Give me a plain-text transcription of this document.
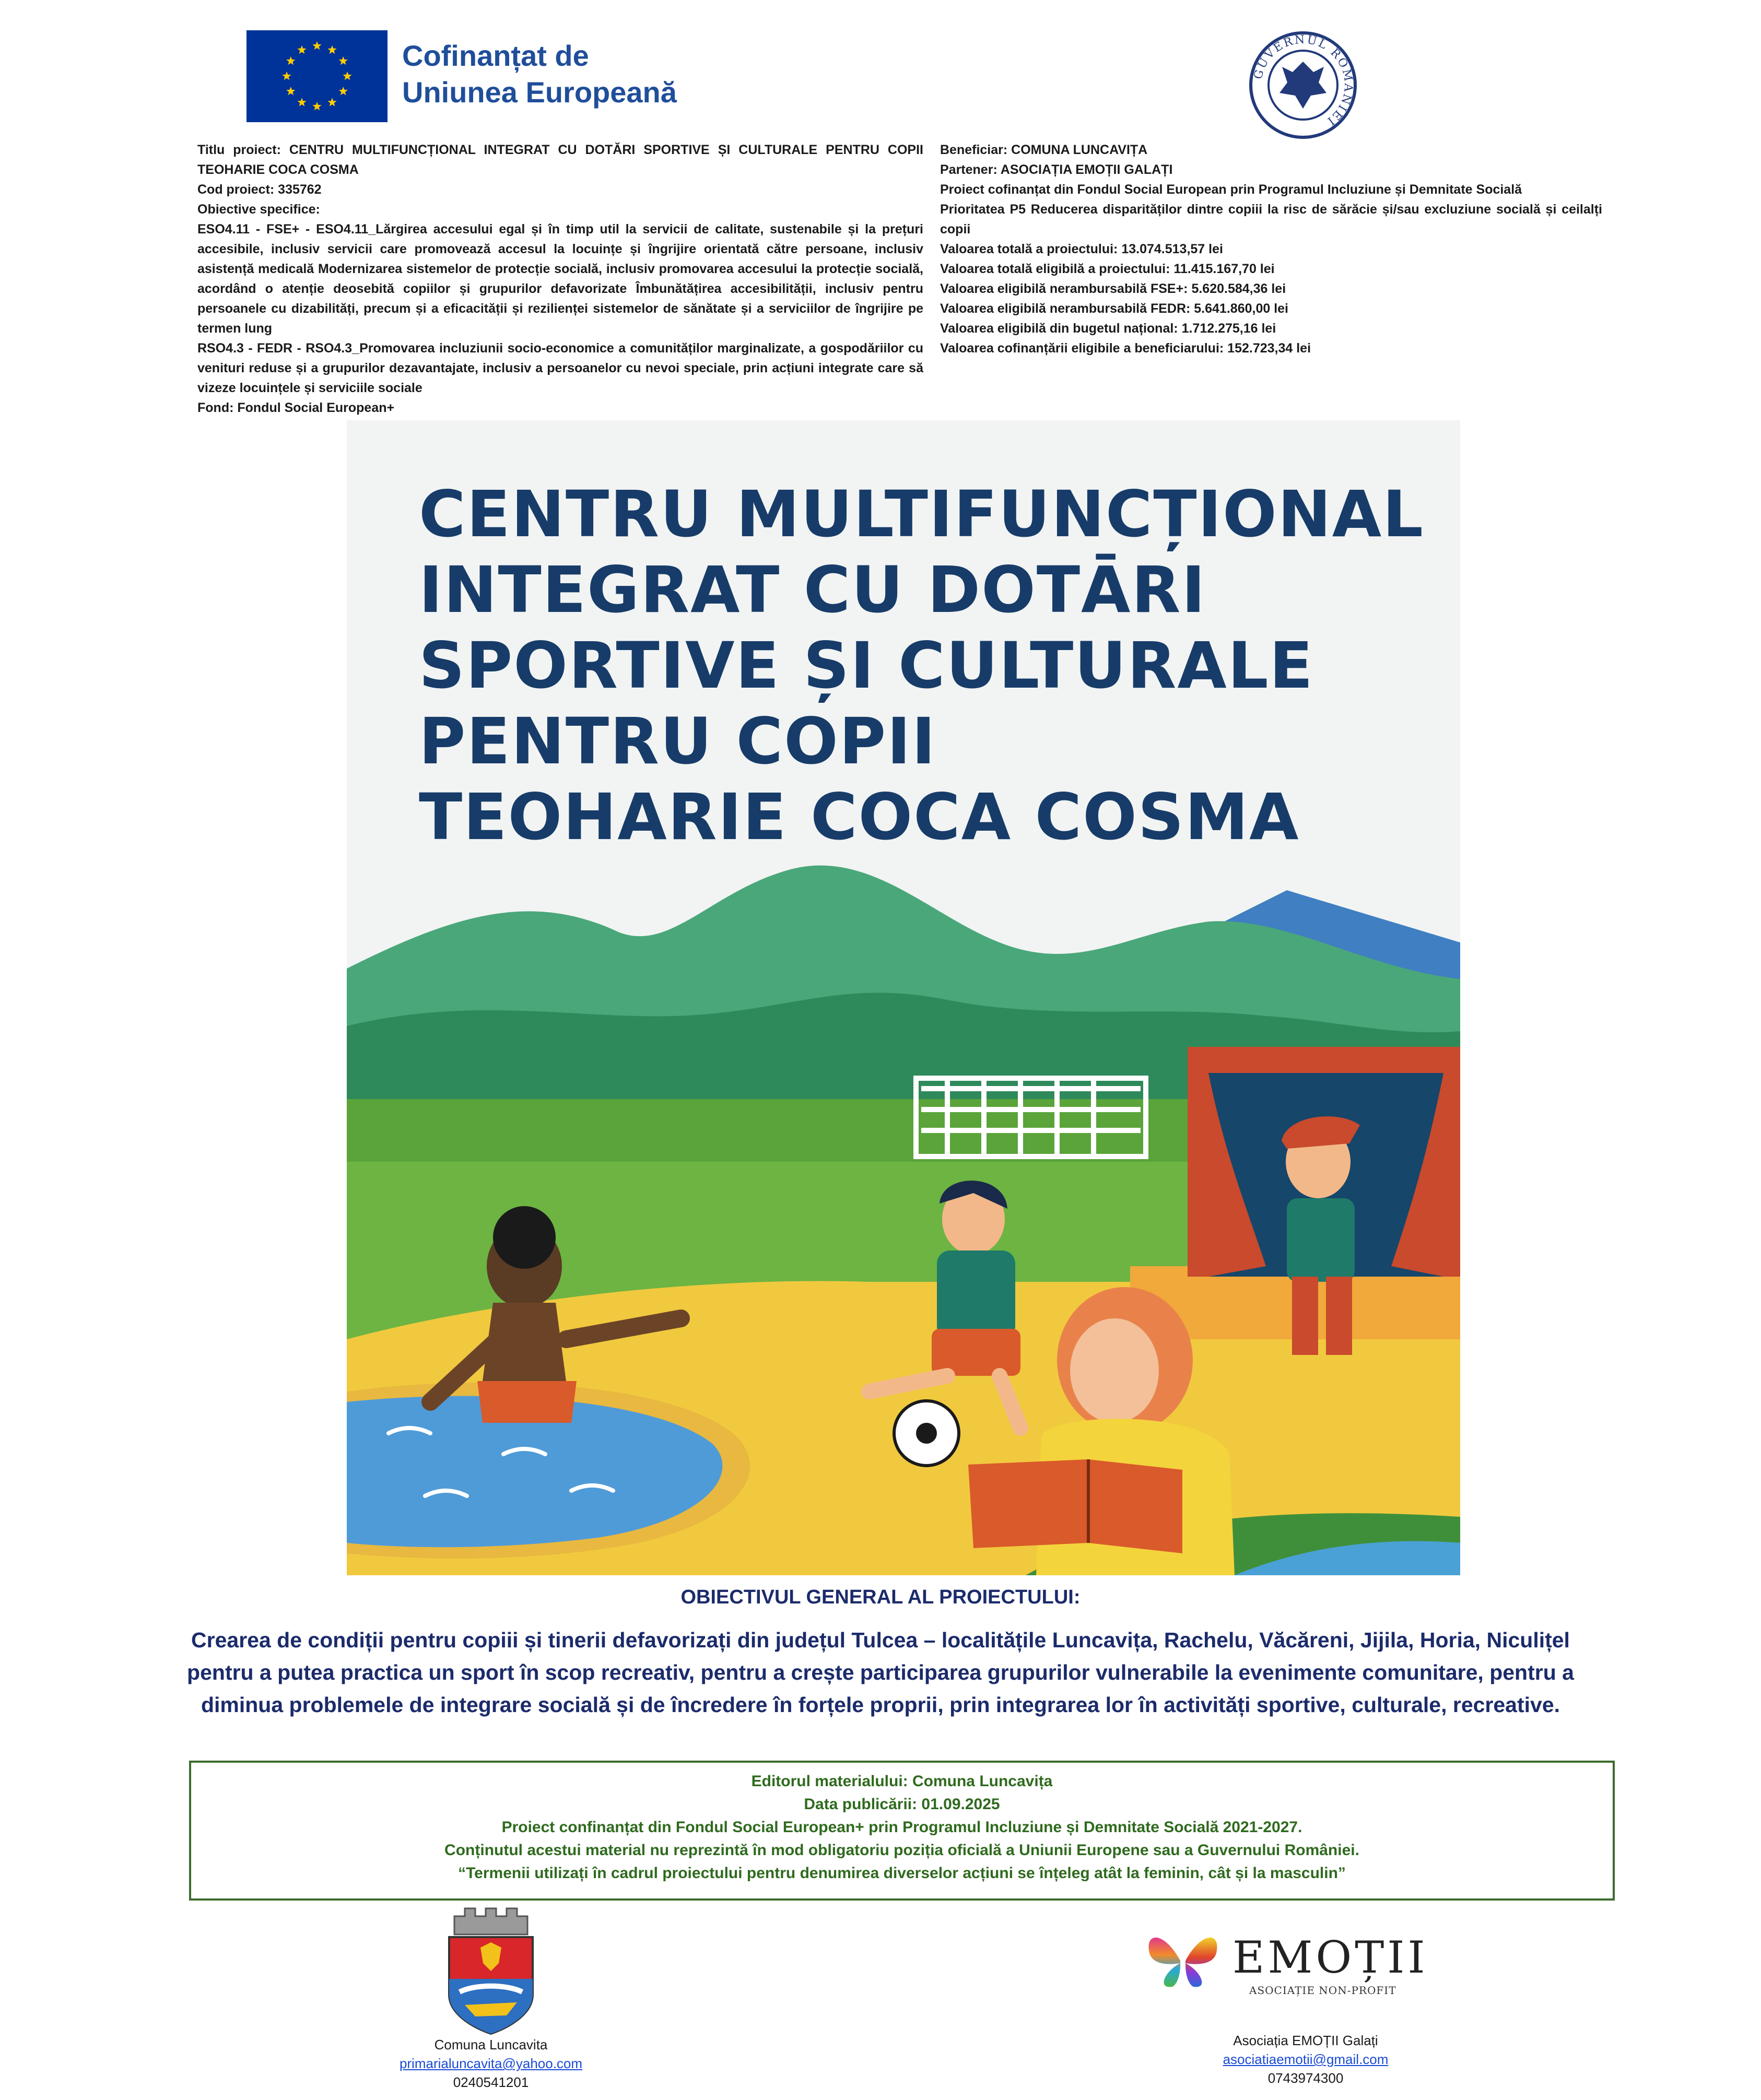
Cofinanțat de
Uniunea Europeană
GUVERNUL ROMÂNIEI

Titlu proiect: CENTRU MULTIFUNCȚIONAL INTEGRAT CU DOTĂRI SPORTIVE ȘI CULTURALE PENTRU COPII TEOHARIE COCA COSMA

Cod proiect: 335762

Obiective specifice:

ESO4.11 - FSE+ - ESO4.11_Lărgirea accesului egal și în timp util la servicii de calitate, sustenabile și la prețuri accesibile, inclusiv servicii care promovează accesul la locuințe și îngrijire orientată către persoane, inclusiv asistență medicală Modernizarea sistemelor de protecție socială, inclusiv promovarea accesului la protecție socială, acordând o atenție deosebită copiilor și grupurilor defavorizate Îmbunătățirea accesibilității, inclusiv pentru persoanele cu dizabilități, precum și a eficacității și rezilienței sistemelor de sănătate și a serviciilor de îngrijire pe termen lung

RSO4.3 - FEDR - RSO4.3_Promovarea incluziunii socio-economice a comunităților marginalizate, a gospodăriilor cu venituri reduse și a grupurilor dezavantajate, inclusiv a persoanelor cu nevoi speciale, prin acțiuni integrate care să vizeze locuințele și serviciile sociale

Fond: Fondul Social European+

Beneficiar: COMUNA LUNCAVIȚA

Partener: ASOCIAȚIA EMOȚII GALAȚI

Proiect cofinanțat din Fondul Social European prin Programul Incluziune și Demnitate Socială

Prioritatea P5 Reducerea disparităților dintre copiii la risc de sărăcie și/sau excluziune socială și ceilalți copii

Valoarea totală a proiectului: 13.074.513,57 lei

Valoarea totală eligibilă a proiectului: 11.415.167,70 lei

Valoarea eligibilă nerambursabilă FSE+: 5.620.584,36 lei

Valoarea eligibilă nerambursabilă FEDR: 5.641.860,00 lei

Valoarea eligibilă din bugetul național: 1.712.275,16 lei

Valoarea cofinanțării eligibile a beneficiarului: 152.723,34 lei

CENTRU MULTIFUNCȚIONAL
INTEGRAT CU DOTĀRI
SPORTIVE ȘI CULTURALE
PENTRU COPII
TEOHARIE COCA COSMA
OBIECTIVUL GENERAL AL PROIECTULUI:
Crearea de condiții pentru copiii și tinerii defavorizați din județul Tulcea – localitățile Luncavița, Rachelu, Văcăreni, Jijila, Horia, Niculițel pentru a putea practica un sport în scop recreativ, pentru a crește participarea grupurilor vulnerabile la evenimente comunitare, pentru a diminua problemele de integrare socială și de încredere în forțele proprii, prin integrarea lor în activități sportive, culturale, recreative.
Editorul materialului: Comuna Luncavița
Data publicării: 01.09.2025
Proiect confinanțat din Fondul Social European+ prin Programul Incluziune și Demnitate Socială 2021-2027.
Conținutul acestui material nu reprezintă în mod obligatoriu poziția oficială a Uniunii Europene sau a Guvernului României.
“Termenii utilizați în cadrul proiectului pentru denumirea diverselor acțiuni se înțeleg atât la feminin, cât și la masculin”
Comuna Luncavita
primarialuncavita@yahoo.com
0240541201
EMOȚII
ASOCIAȚIE NON-PROFIT
Asociația EMOȚII Galați
asociatiaemotii@gmail.com
0743974300
